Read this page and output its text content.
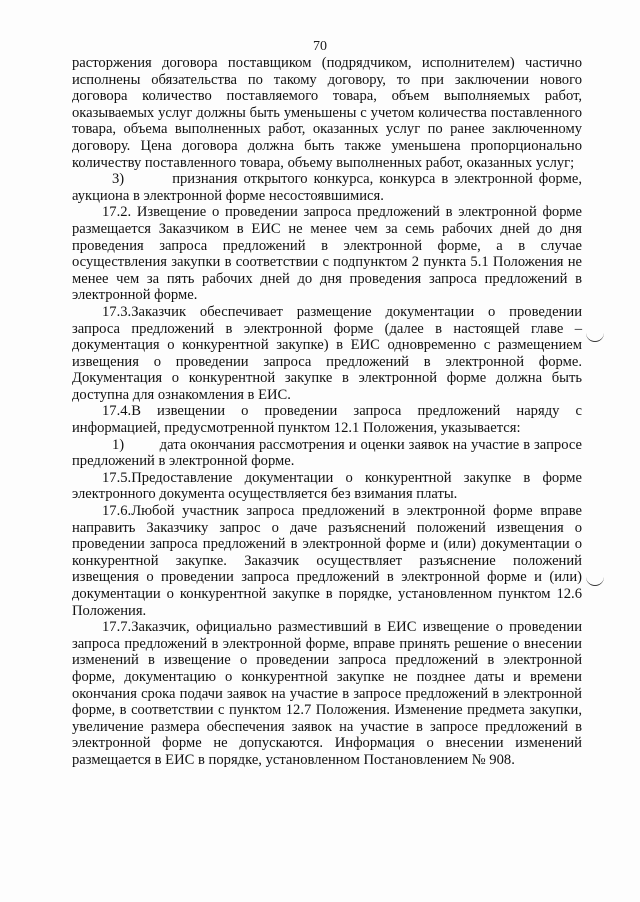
70

расторжения договора поставщиком (подрядчиком, исполнителем) частично исполнены обязательства по такому договору, то при заключении нового договора количество поставляемого товара, объем выполняемых работ, оказываемых услуг должны быть уменьшены с учетом количества поставленного товара, объема выполненных работ, оказанных услуг по ранее заключенному договору. Цена договора должна быть также уменьшена пропорционально количеству поставленного товара, объему выполненных работ, оказанных услуг;

3)        признания открытого конкурса, конкурса в электронной форме, аукциона в электронной форме несостоявшимися.

17.2. Извещение о проведении запроса предложений в электронной форме размещается Заказчиком в ЕИС не менее чем за семь рабочих дней до дня проведения запроса предложений в электронной форме, а в случае осуществления закупки в соответствии с подпунктом 2 пункта 5.1 Положения не менее чем за пять рабочих дней до дня проведения запроса предложений в электронной форме.

17.3.Заказчик обеспечивает размещение документации о проведении запроса предложений в электронной форме (далее в настоящей главе – документация о конкурентной закупке) в ЕИС одновременно с размещением извещения о проведении запроса предложений в электронной форме. Документация о конкурентной закупке в электронной форме должна быть доступна для ознакомления в ЕИС.

17.4.В извещении о проведении запроса предложений наряду с информацией, предусмотренной пунктом 12.1 Положения, указывается:

1)         дата окончания рассмотрения и оценки заявок на участие в запросе предложений в электронной форме.

17.5.Предоставление документации о конкурентной закупке в форме электронного документа осуществляется без взимания платы.

17.6.Любой участник запроса предложений в электронной форме вправе направить Заказчику запрос о даче разъяснений положений извещения о проведении запроса предложений в электронной форме и (или) документации о конкурентной закупке. Заказчик осуществляет разъяснение положений извещения о проведении запроса предложений в электронной форме и (или) документации о конкурентной закупке в порядке, установленном пунктом 12.6 Положения.

17.7.Заказчик, официально разместивший в ЕИС извещение о проведении запроса предложений в электронной форме, вправе принять решение о внесении изменений в извещение о проведении запроса предложений в электронной форме, документацию о конкурентной закупке не позднее даты и времени окончания срока подачи заявок на участие в запросе предложений в электронной форме, в соответствии с пунктом 12.7 Положения. Изменение предмета закупки, увеличение размера обеспечения заявок на участие в запросе предложений в электронной форме не допускаются. Информация о внесении изменений размещается в ЕИС в порядке, установленном Постановлением № 908.
